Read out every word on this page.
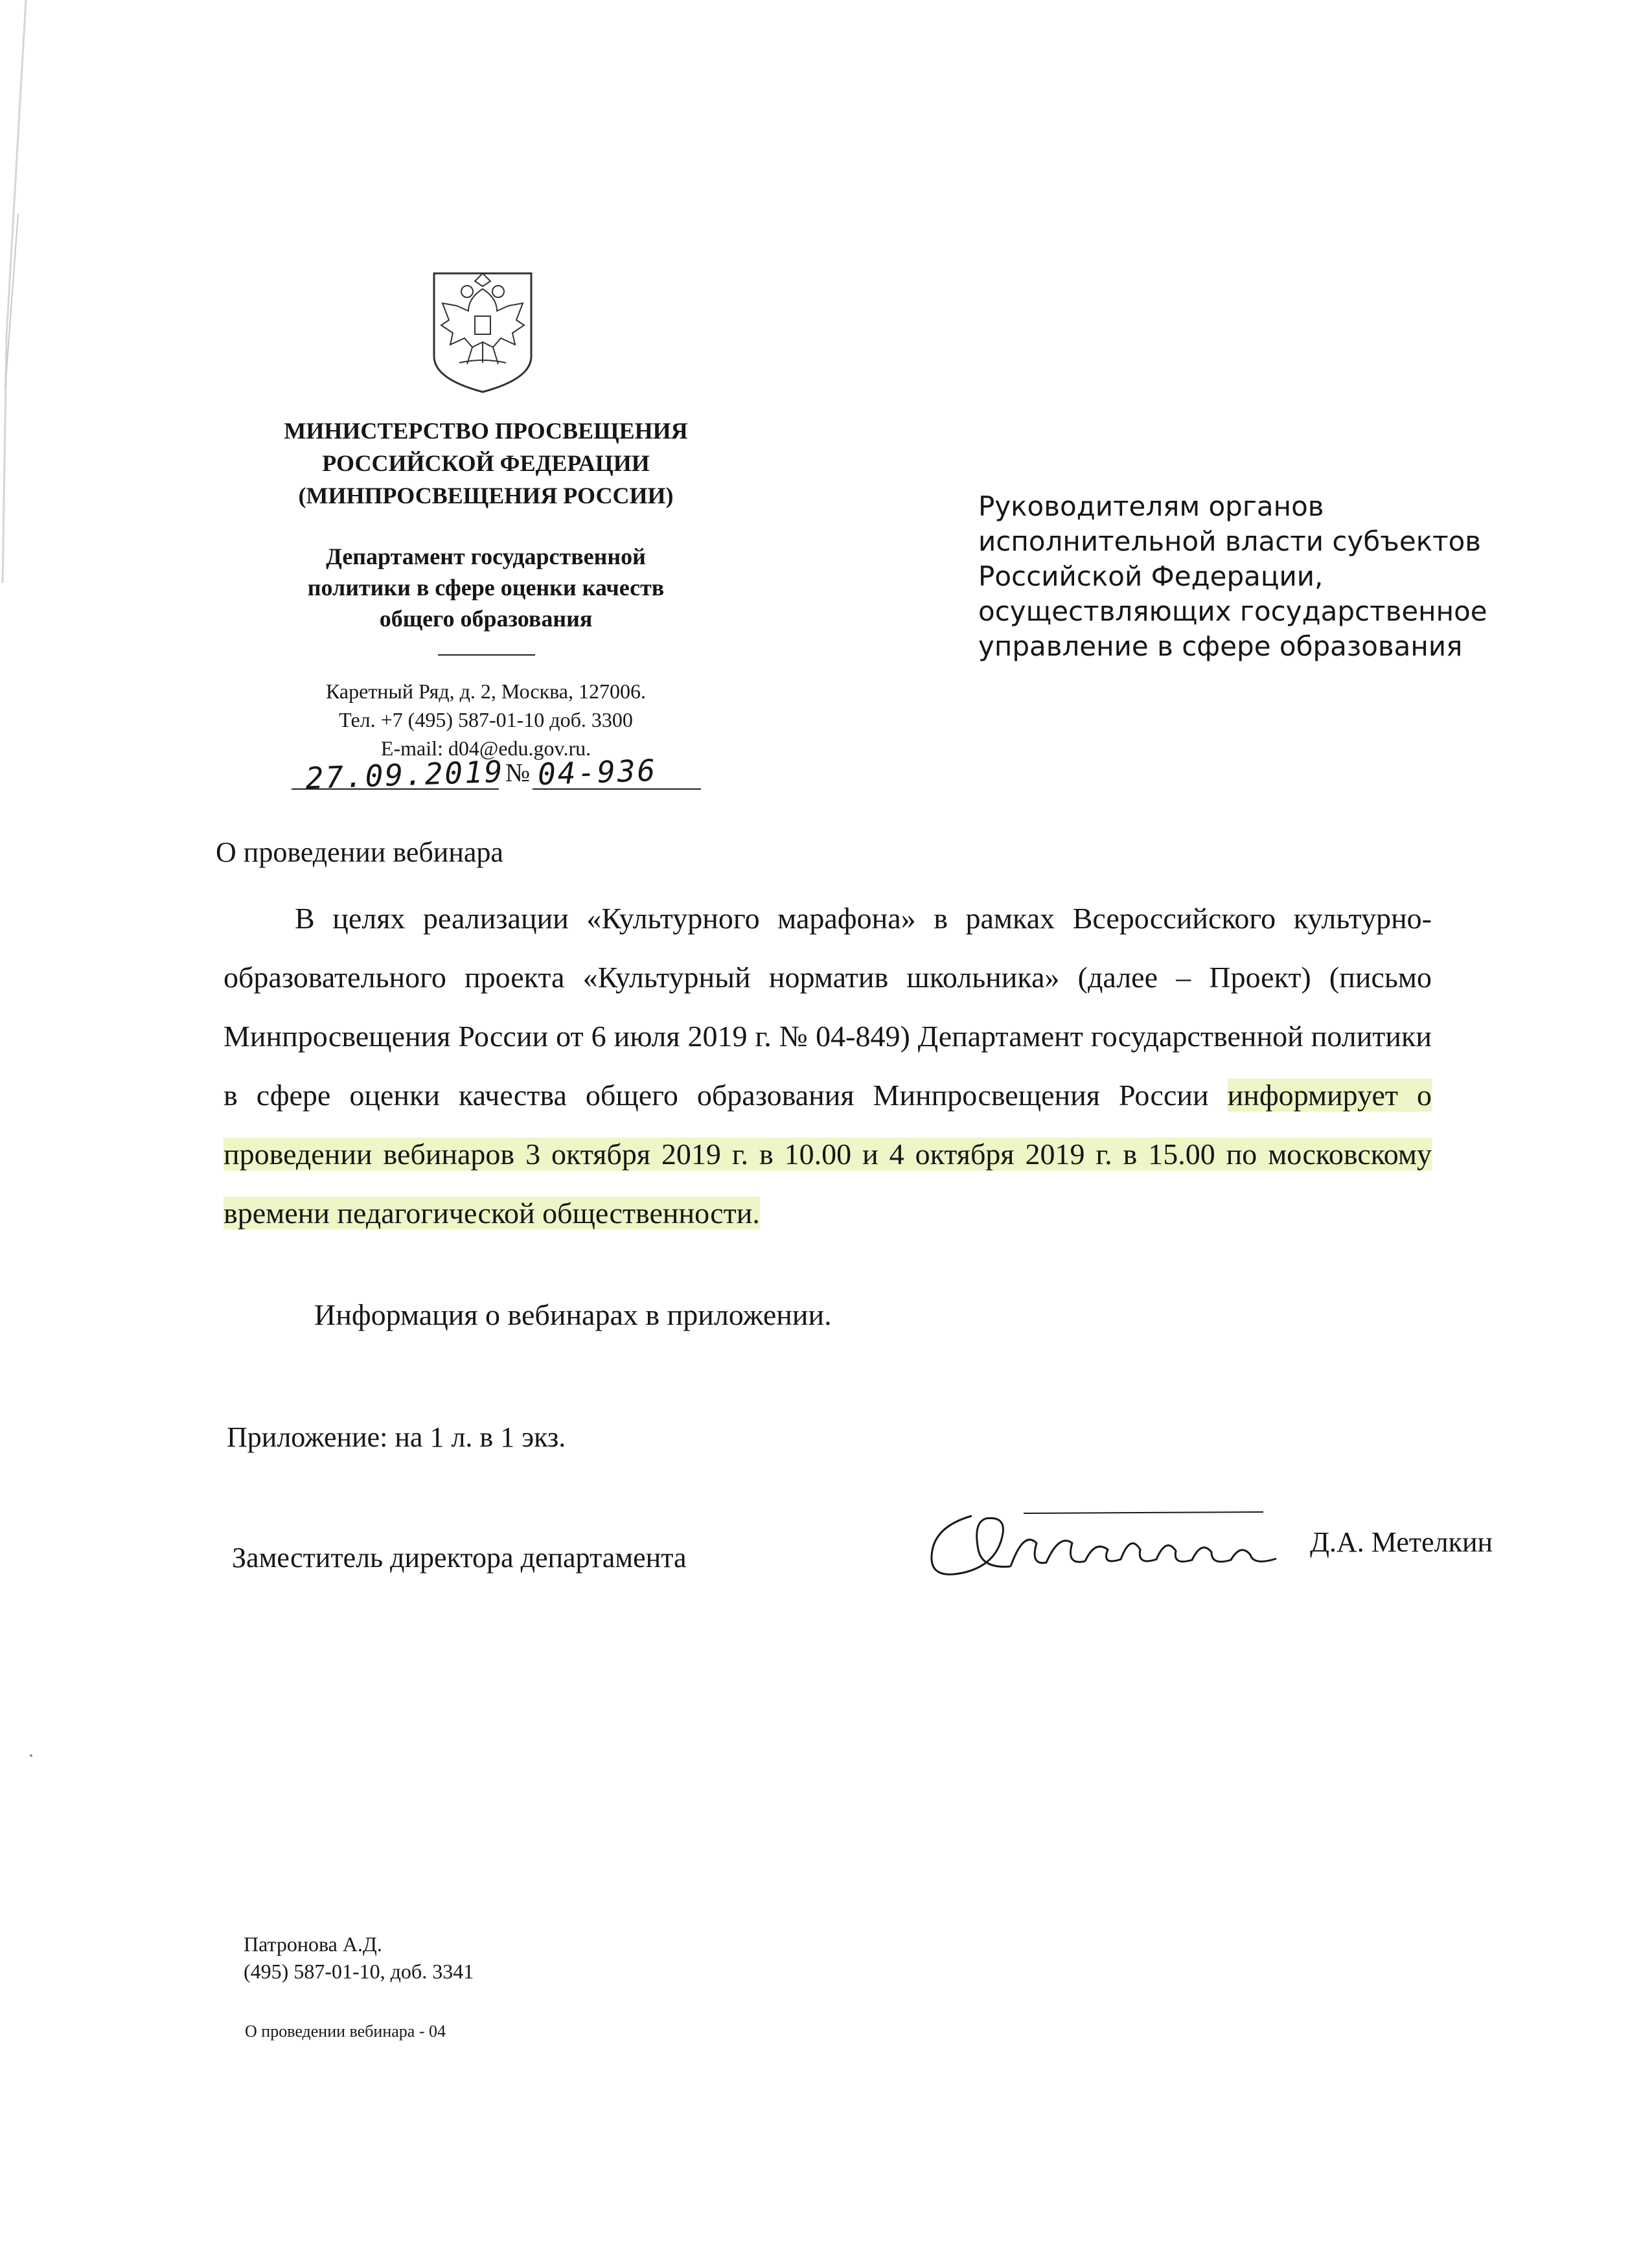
МИНИСТЕРСТВО ПРОСВЕЩЕНИЯ
РОССИЙСКОЙ ФЕДЕРАЦИИ
(МИНПРОСВЕЩЕНИЯ РОССИИ)
Департамент государственной
политики в сфере оценки качеств
общего образования
Каретный Ряд, д. 2, Москва, 127006.
Тел. +7 (495) 587-01-10 доб. 3300
E-mail: d04@edu.gov.ru.
27.09.2019 № 04-936
Руководителям органов
исполнительной власти субъектов
Российской Федерации,
осуществляющих государственное
управление в сфере образования
О проведении вебинара

В целях реализации «Культурного марафона» в рамках Всероссийского культурно-образовательного проекта «Культурный норматив школьника» (далее – Проект) (письмо Минпросвещения России от 6 июля 2019 г. № 04-849) Департамент государственной политики в сфере оценки качества общего образования Минпросвещения России информирует о проведении вебинаров 3 октября 2019 г. в 10.00 и 4 октября 2019 г. в 15.00 по московскому времени педагогической общественности.

Информация о вебинарах в приложении.
Приложение: на 1 л. в 1 экз.
Заместитель директора департамента	Д.А. Метелкин
Патронова А.Д.
(495) 587-01-10, доб. 3341
О проведении вебинара - 04
